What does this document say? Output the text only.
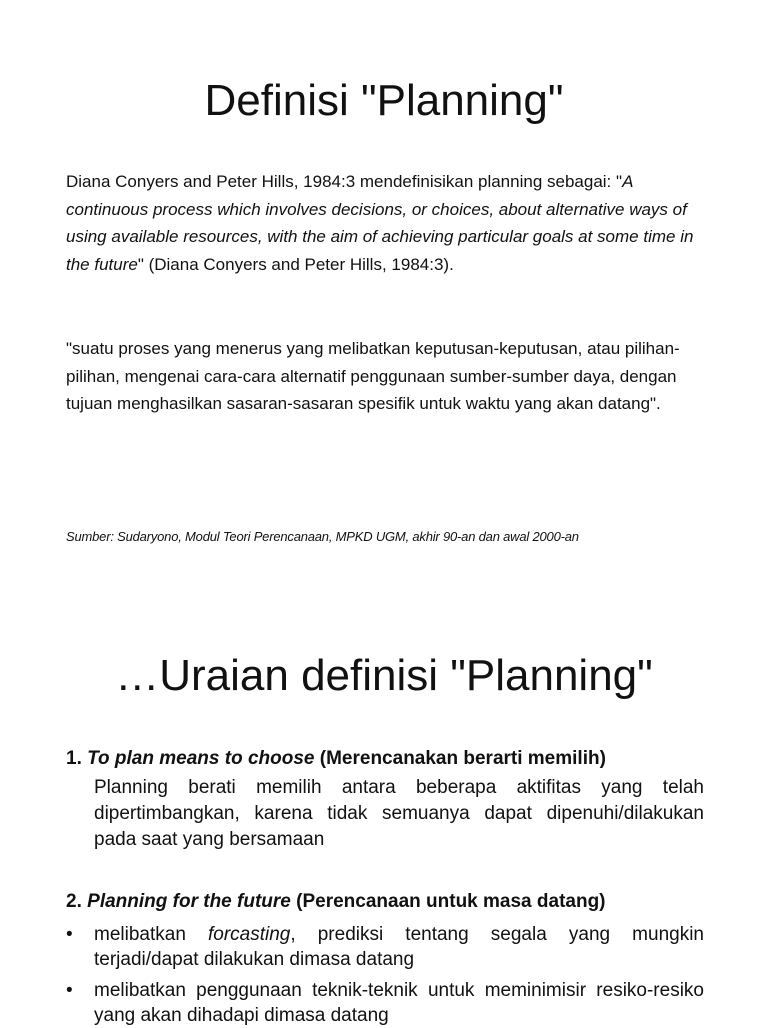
Definisi "Planning"

Diana Conyers and Peter Hills, 1984:3 mendefinisikan planning sebagai: "A continuous process which involves decisions, or choices, about alternative ways of using available resources, with the aim of achieving particular goals at some time in the future" (Diana Conyers and Peter Hills, 1984:3).

"suatu proses yang menerus yang melibatkan keputusan-keputusan, atau pilihan-pilihan, mengenai cara-cara alternatif penggunaan sumber-sumber daya, dengan tujuan menghasilkan sasaran-sasaran spesifik untuk waktu yang akan datang".

Sumber: Sudaryono, Modul Teori Perencanaan, MPKD UGM, akhir 90-an dan awal 2000-an
…Uraian definisi "Planning"

1. To plan means to choose (Merencanakan berarti memilih)

Planning berati memilih antara beberapa aktifitas yang telah dipertimbangkan, karena tidak semuanya dapat dipenuhi/dilakukan pada saat yang bersamaan

2. Planning for the future (Perencanaan untuk masa datang)

•	melibatkan forcasting, prediksi tentang segala yang mungkin terjadi/dapat dilakukan dimasa datang
•	melibatkan penggunaan teknik-teknik untuk meminimisir resiko-resiko yang akan dihadapi dimasa datang
